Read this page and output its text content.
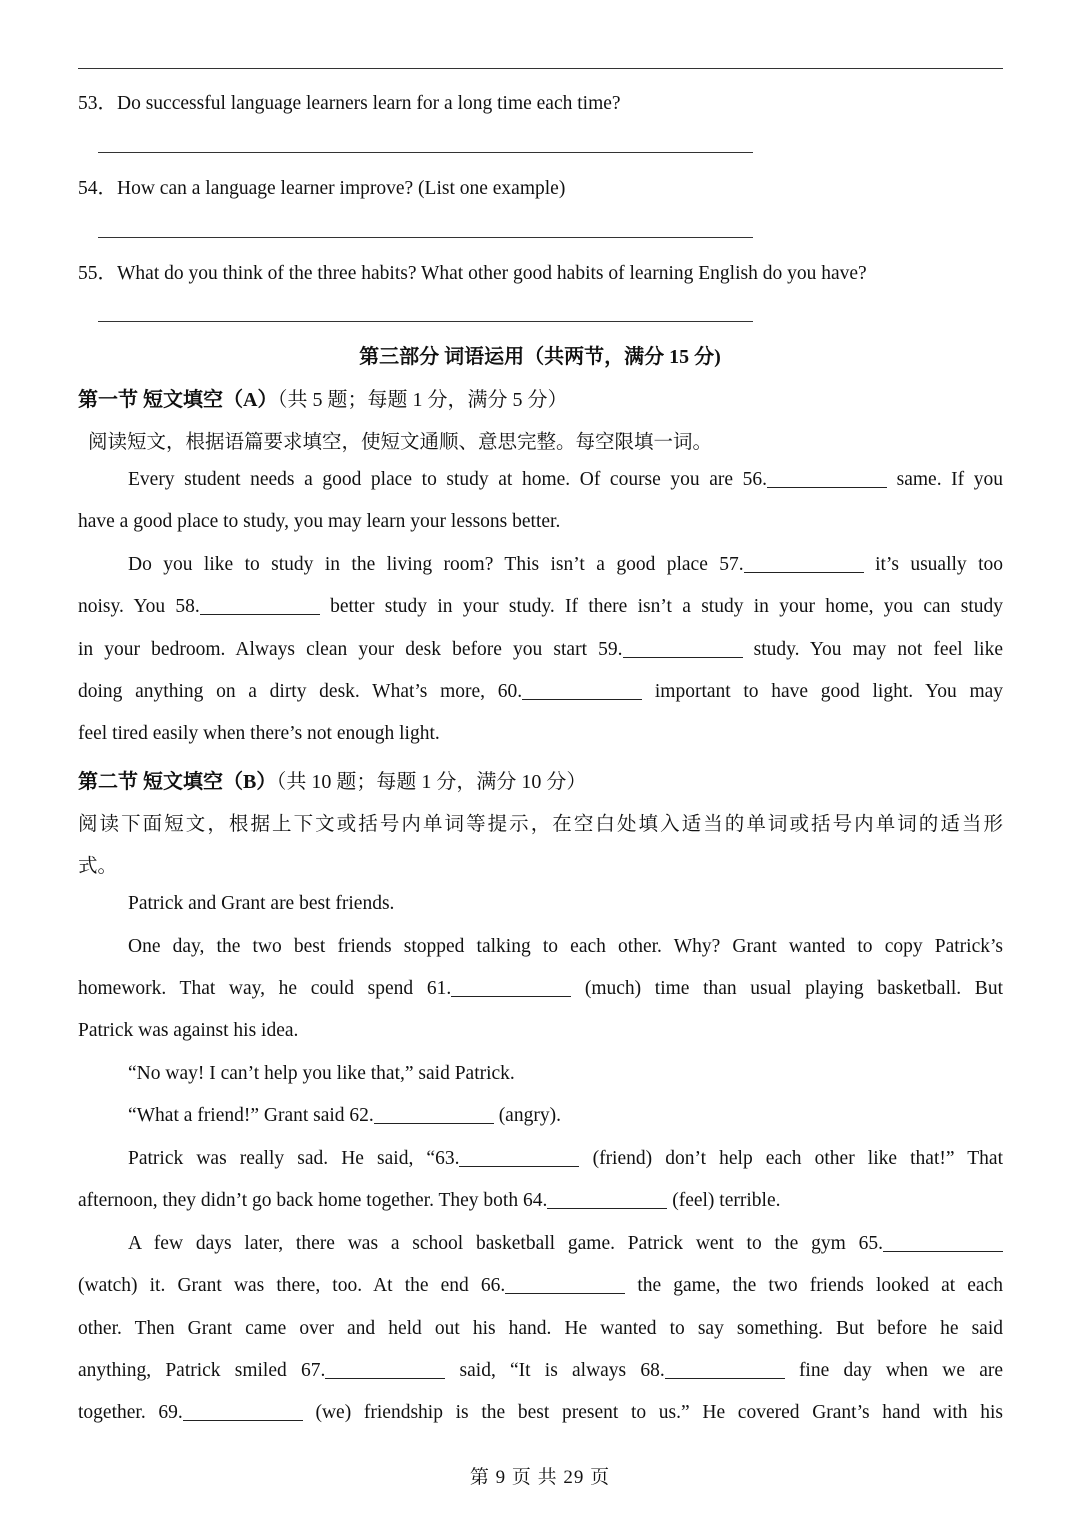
53．Do successful language learners learn for a long time each time?
54．How can a language learner improve? (List one example)
55．What do you think of the three habits? What other good habits of learning English do you have?
第三部分 词语运用（共两节，满分 15 分)
第一节 短文填空（A）（共 5 题；每题 1 分，满分 5 分）
阅读短文，根据语篇要求填空，使短文通顺、意思完整。每空限填一词。
Every student needs a good place to study at home. Of course you are 56.	same. If you
have a good place to study, you may learn your lessons better.
Do you like to study in the living room? This isn’t a good place 57.	it’s usually too
noisy. You 58.	better study in your study. If there isn’t a study in your home, you can study
in your bedroom. Always clean your desk before you start 59.	study. You may not feel like
doing anything on a dirty desk. What’s more, 60.	important to have good light. You may
feel tired easily when there’s not enough light.
第二节 短文填空（B）（共 10 题；每题 1 分，满分 10 分）
阅读下面短文，根据上下文或括号内单词等提示，在空白处填入适当的单词或括号内单词的适当形
式。
Patrick and Grant are best friends.
One day, the two best friends stopped talking to each other. Why? Grant wanted to copy Patrick’s
homework. That way, he could spend 61.	(much) time than usual playing basketball. But
Patrick was against his idea.
“No way! I can’t help you like that,” said Patrick.
“What a friend!” Grant said 62.	(angry).
Patrick was really sad. He said, “63.	(friend) don’t help each other like that!” That
afternoon, they didn’t go back home together. They both 64.	(feel) terrible.
A few days later, there was a school basketball game. Patrick went to the gym 65.
(watch) it. Grant was there, too. At the end 66.	the game, the two friends looked at each
other. Then Grant came over and held out his hand. He wanted to say something. But before he said
anything, Patrick smiled 67.	said, “It is always 68.	fine day when we are
together. 69.	(we) friendship is the best present to us.” He covered Grant’s hand with his
第 9 页 共 29 页
